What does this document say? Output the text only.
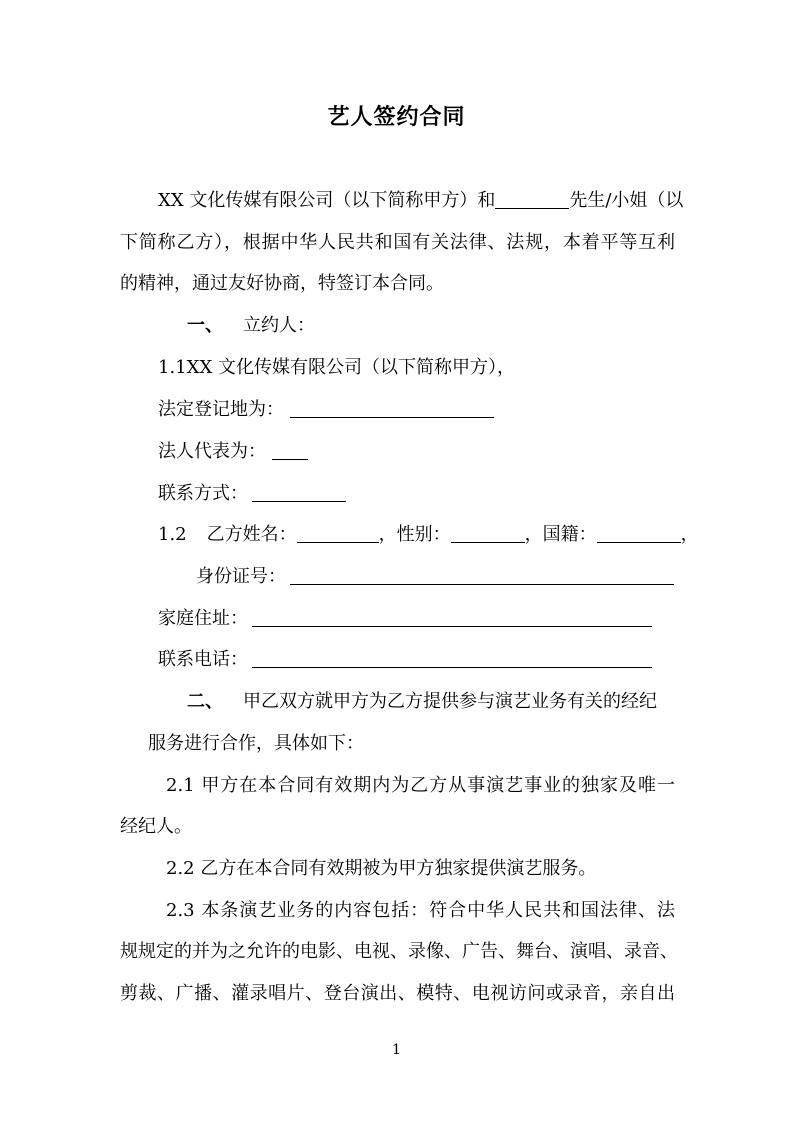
艺人签约合同
XX 文化传媒有限公司（以下简称甲方）和	先生/小姐（以
下简称乙方），根据中华人民共和国有关法律、法规，本着平等互利
的精神，通过友好协商，特签订本合同。
一、 立约人：
1.1XX 文化传媒有限公司（以下简称甲方），
法定登记地为：
法人代表为：
联系方式：
1.2 乙方姓名：	，性别：	，国籍：	，
身份证号：
家庭住址：
联系电话：
二、 甲乙双方就甲方为乙方提供参与演艺业务有关的经纪
服务进行合作，具体如下：
2.1 甲方在本合同有效期内为乙方从事演艺事业的独家及唯一
经纪人。
2.2 乙方在本合同有效期被为甲方独家提供演艺服务。
2.3 本条演艺业务的内容包括：符合中华人民共和国法律、法
规规定的并为之允许的电影、电视、录像、广告、舞台、演唱、录音、
剪裁、广播、灌录唱片、登台演出、模特、电视访问或录音，亲自出
1
